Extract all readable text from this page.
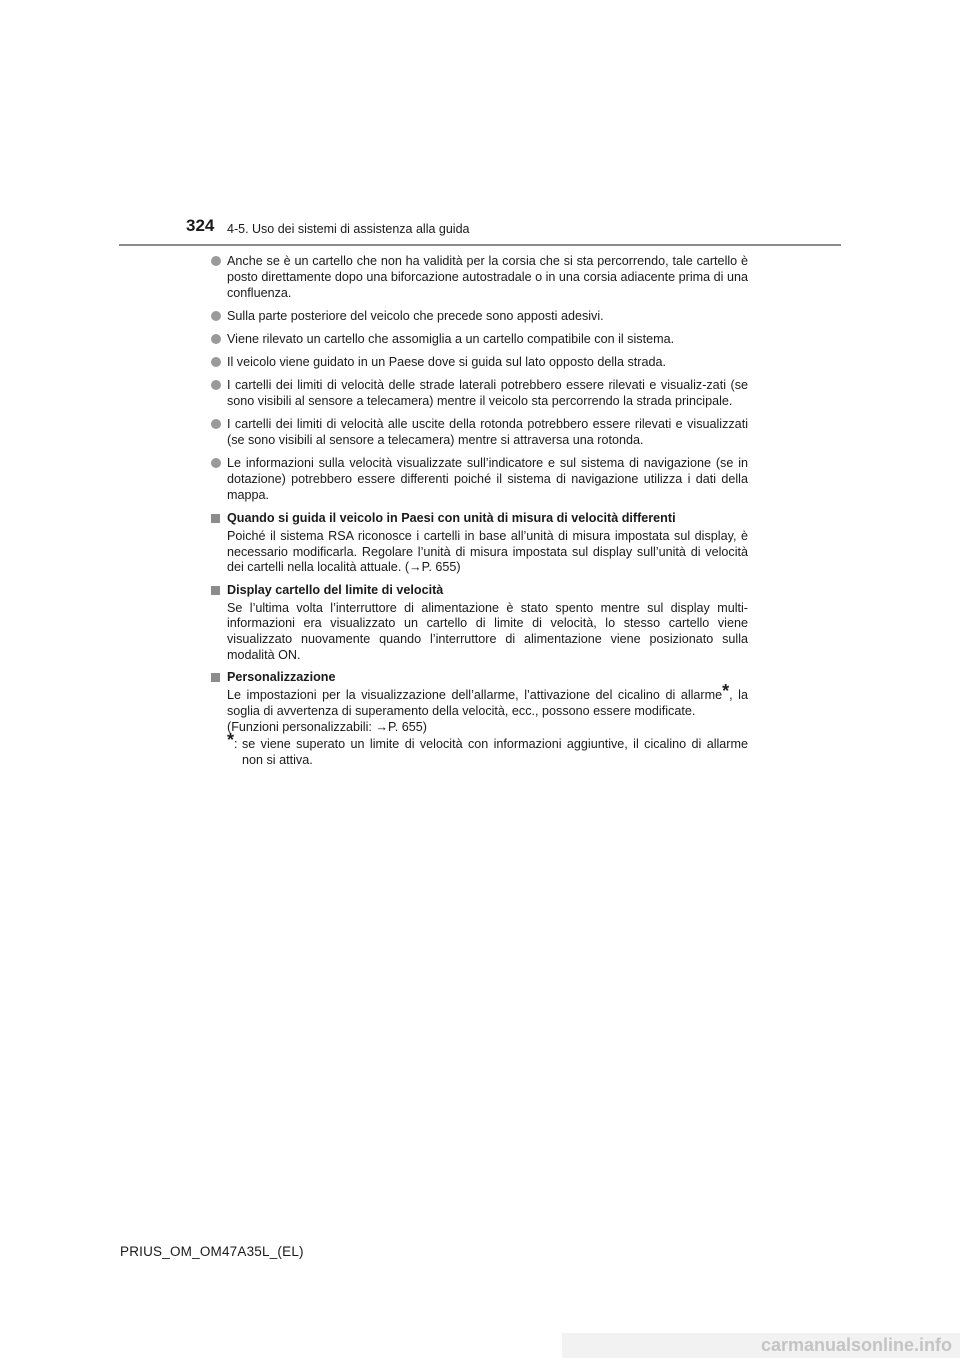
324 4-5. Uso dei sistemi di assistenza alla guida
Anche se è un cartello che non ha validità per la corsia che si sta percorrendo, tale cartello è posto direttamente dopo una biforcazione autostradale o in una corsia adiacente prima di una confluenza.
Sulla parte posteriore del veicolo che precede sono apposti adesivi.
Viene rilevato un cartello che assomiglia a un cartello compatibile con il sistema.
Il veicolo viene guidato in un Paese dove si guida sul lato opposto della strada.
I cartelli dei limiti di velocità delle strade laterali potrebbero essere rilevati e visualiz-zati (se sono visibili al sensore a telecamera) mentre il veicolo sta percorrendo la strada principale.
I cartelli dei limiti di velocità alle uscite della rotonda potrebbero essere rilevati e visualizzati (se sono visibili al sensore a telecamera) mentre si attraversa una rotonda.
Le informazioni sulla velocità visualizzate sull’indicatore e sul sistema di navigazione (se in dotazione) potrebbero essere differenti poiché il sistema di navigazione utilizza i dati della mappa.
Quando si guida il veicolo in Paesi con unità di misura di velocità differenti

Poiché il sistema RSA riconosce i cartelli in base all’unità di misura impostata sul display, è necessario modificarla. Regolare l’unità di misura impostata sul display sull’unità di velocità dei cartelli nella località attuale. (→P. 655)

Display cartello del limite di velocità

Se l’ultima volta l’interruttore di alimentazione è stato spento mentre sul display multi-informazioni era visualizzato un cartello di limite di velocità, lo stesso cartello viene visualizzato nuovamente quando l’interruttore di alimentazione viene posizionato sulla modalità ON.

Personalizzazione

Le impostazioni per la visualizzazione dell’allarme, l’attivazione del cicalino di allarme*, la soglia di avvertenza di superamento della velocità, ecc., possono essere modificate.

(Funzioni personalizzabili: →P. 655)

*: se viene superato un limite di velocità con informazioni aggiuntive, il cicalino di allarme non si attiva.
PRIUS_OM_OM47A35L_(EL)
carmanualsonline.info
